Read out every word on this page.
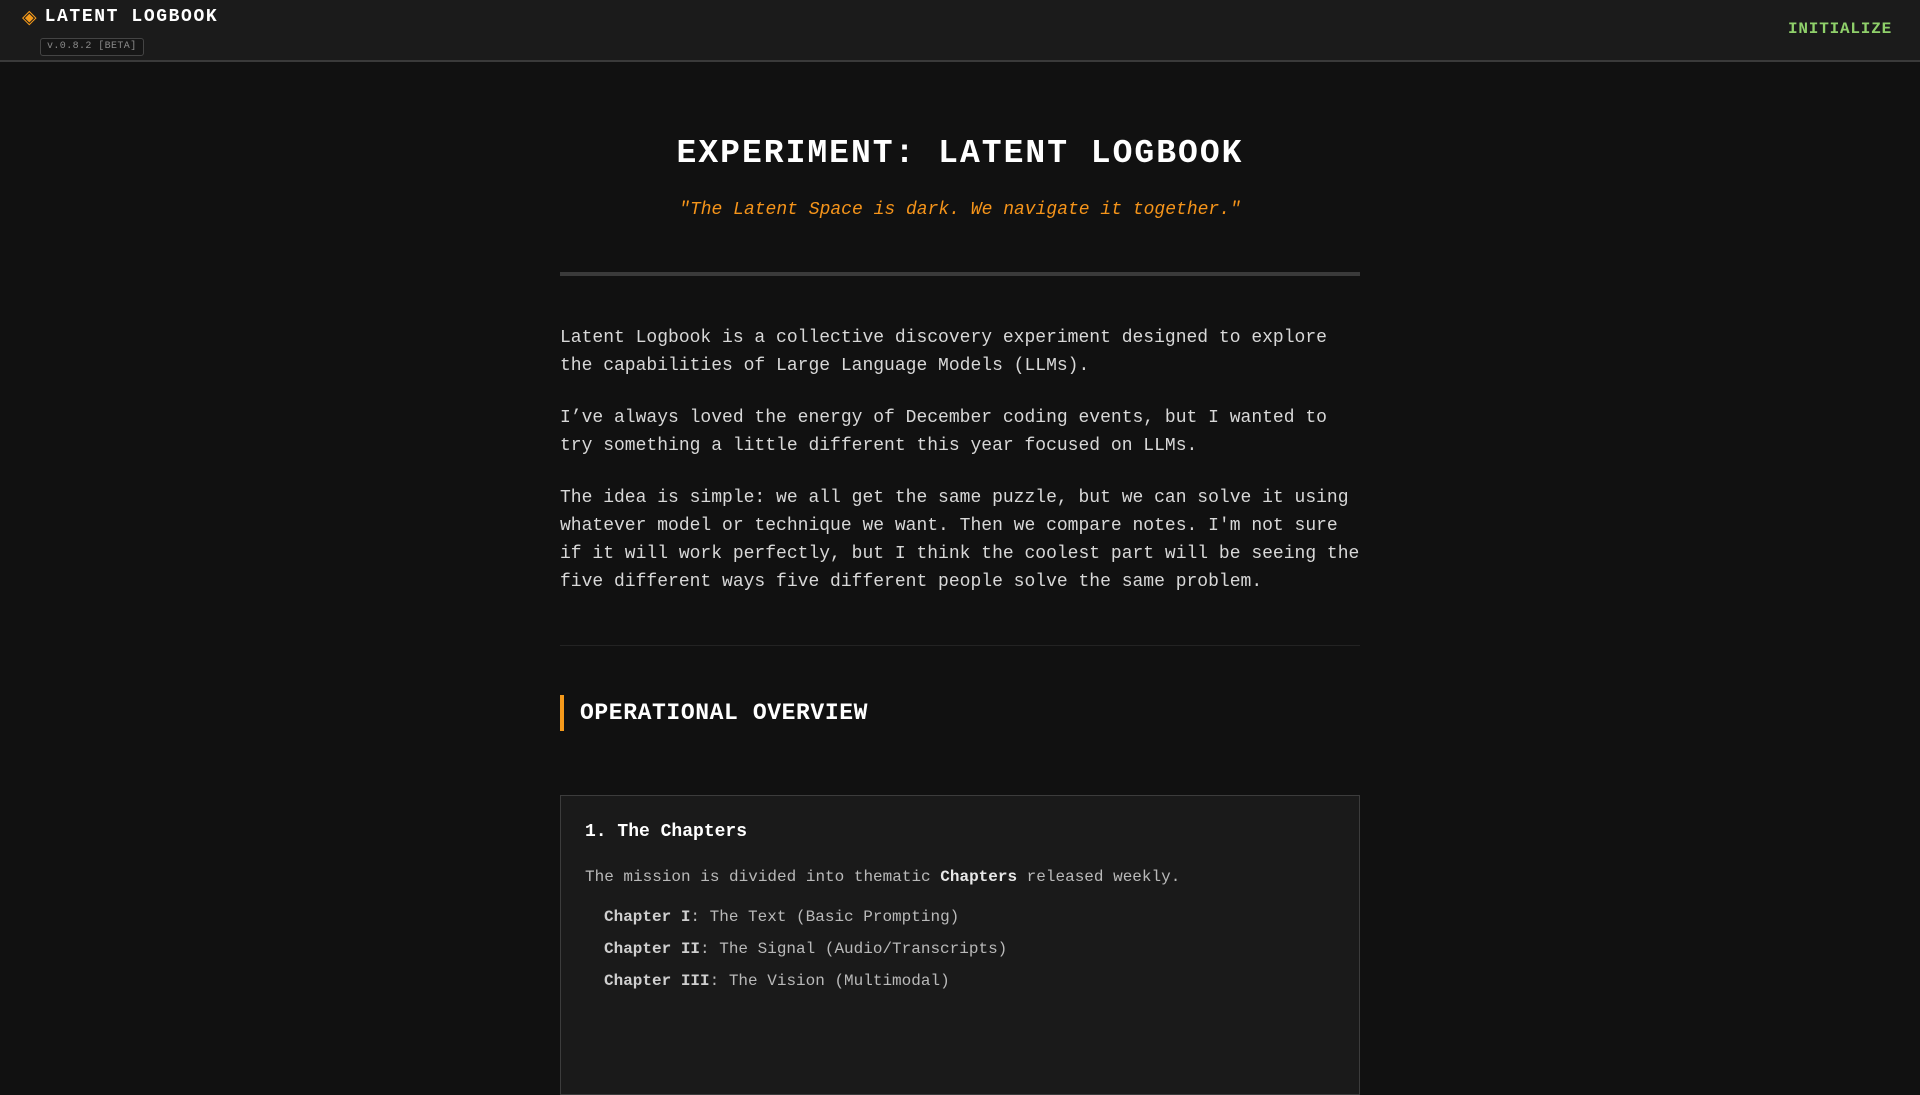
◈ LATENT LOGBOOK
v.0.8.2 [BETA]
INITIALIZE
EXPERIMENT: LATENT LOGBOOK
"The Latent Space is dark. We navigate it together."

Latent Logbook is a collective discovery experiment designed to explore the capabilities of Large Language Models (LLMs).

I’ve always loved the energy of December coding events, but I wanted to try something a little different this year focused on LLMs.

The idea is simple: we all get the same puzzle, but we can solve it using whatever model or technique we want. Then we compare notes. I'm not sure if it will work perfectly, but I think the coolest part will be seeing the five different ways five different people solve the same problem.

OPERATIONAL OVERVIEW
1. The Chapters

The mission is divided into thematic Chapters released weekly.

Chapter I: The Text (Basic Prompting)
Chapter II: The Signal (Audio/Transcripts)
Chapter III: The Vision (Multimodal)
